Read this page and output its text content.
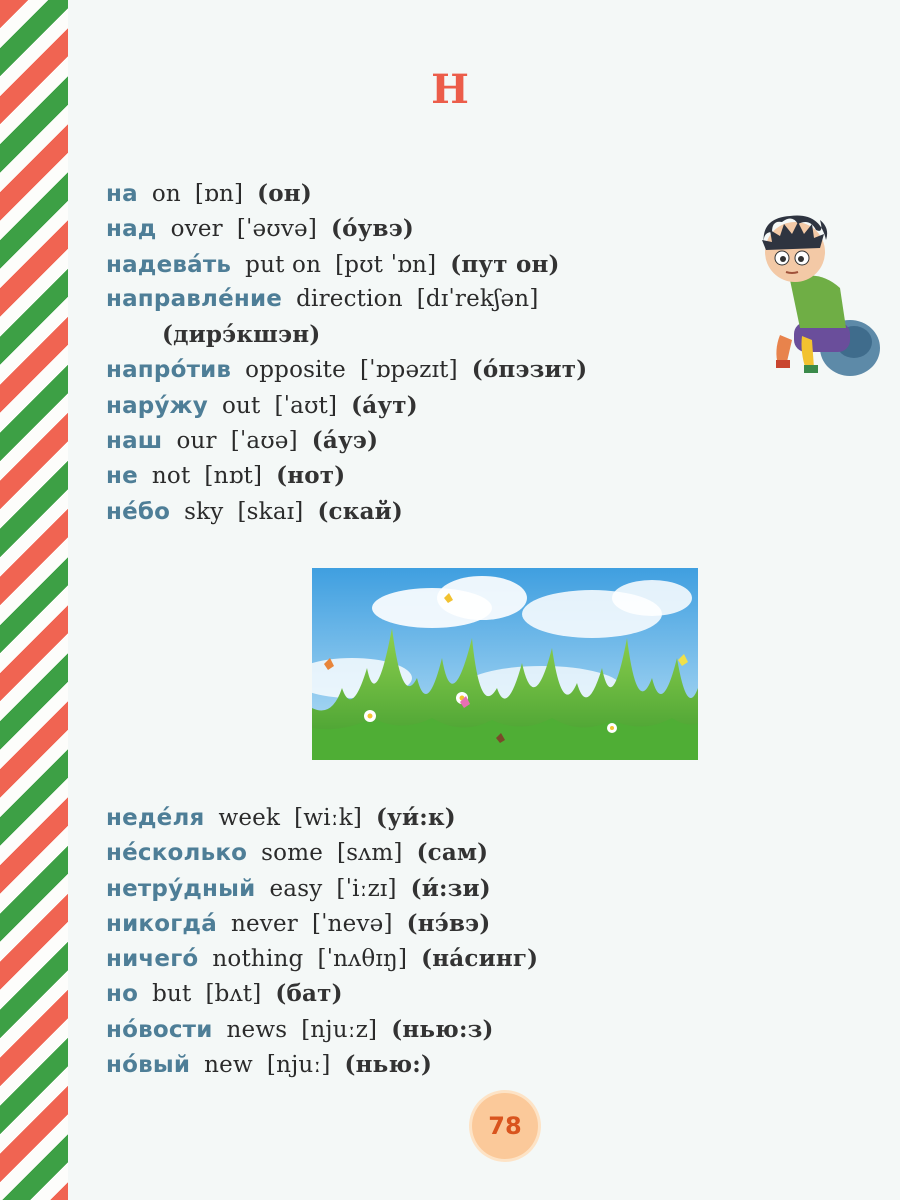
Н
на on [ɒn] (он)
над over [ˈəʊvə] (óувэ)
надевáть put on [pʊt ˈɒn] (пут он)
направлéние direction [dɪˈrekʃən]
(дирэ́кшэн)
напрóтив opposite [ˈɒpəzɪt] (óпэзит)
нарýжу out [ˈaʊt] (áут)
наш our [ˈaʊə] (áуэ)
не not [nɒt] (нот)
нéбо sky [skaɪ] (скай)
недéля week [wiːk] (уи́:к)
нéсколько some [sʌm] (сам)
нетрýдный easy [ˈiːzɪ] (и́:зи)
никогдá never [ˈnevə] (нэ́вэ)
ничегó nothing [ˈnʌθɪŋ] (нáсинг)
но but [bʌt] (бат)
нóвости news [njuːz] (нью:з)
нóвый new [njuː] (нью:)
78
